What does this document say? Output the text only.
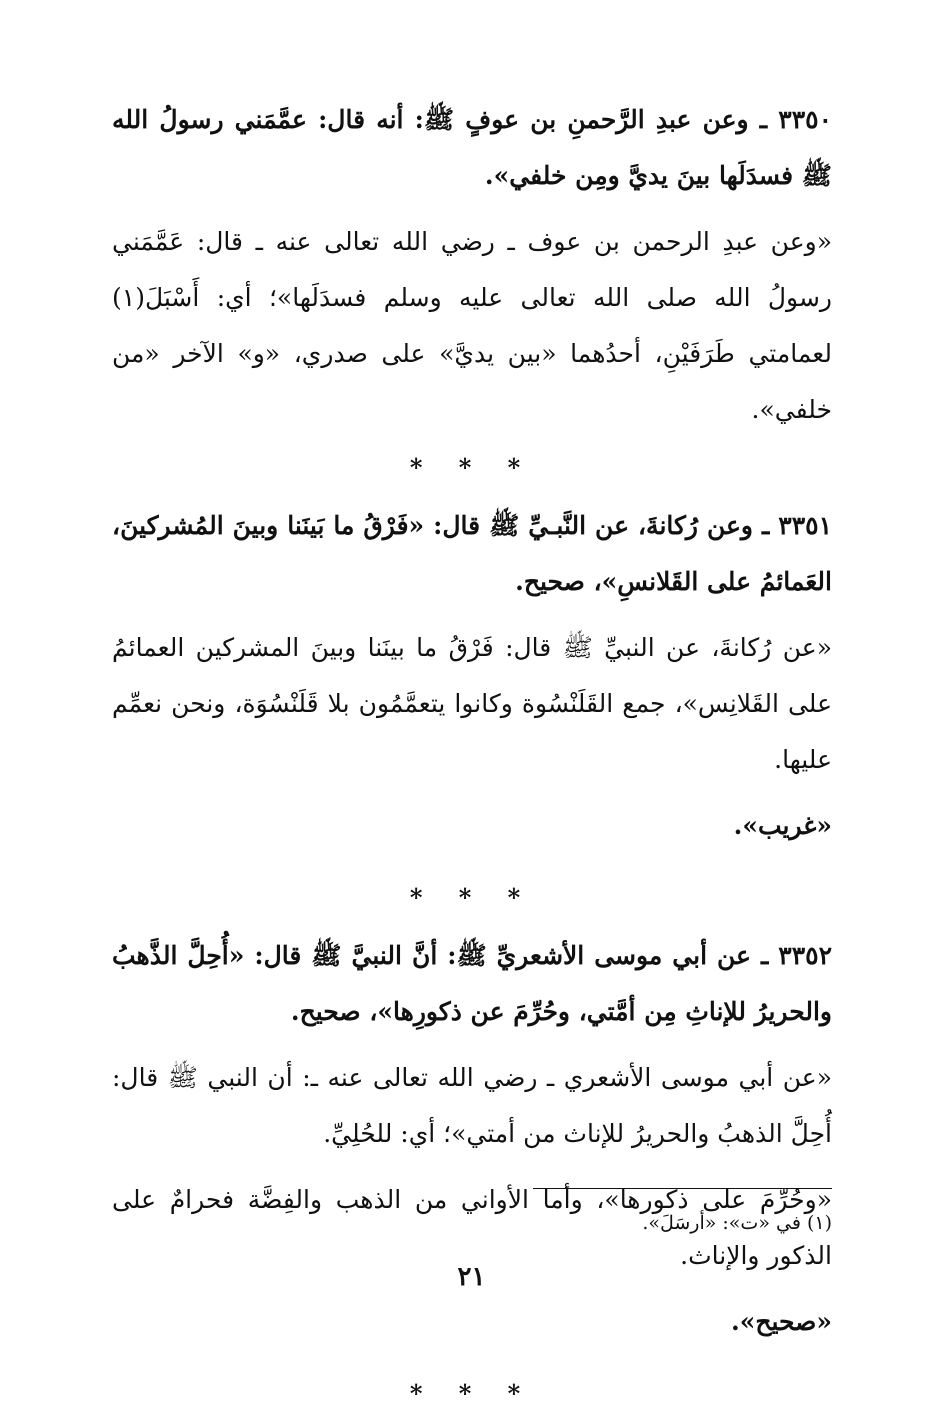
٣٣٥٠ ـ وعن عبدِ الرَّحمنِ بن عوفٍ ﷺ: أنه قال: عمَّمَني رسولُ الله ﷺ فسدَلَها بينَ يديَّ ومِن خلفي».

«وعن عبدِ الرحمن بن عوف ـ رضي الله تعالى عنه ـ قال: عَمَّمَني رسولُ الله صلى الله تعالى عليه وسلم فسدَلَها»؛ أي: أَسْبَلَ(١) لعمامتي طَرَفَيْنِ، أحدُهما «بين يديَّ» على صدري، «و» الآخر «من خلفي».

* * *

٣٣٥١ ـ وعن رُكانةَ، عن النَّبـيِّ ﷺ قال: «فَرْقُ ما بَينَنا وبينَ المُشركينَ، العَمائمُ على القَلانسِ»، صحيح.

«عن رُكانةَ، عن النبيِّ ﷺ قال: فَرْقُ ما بينَنا وبينَ المشركين العمائمُ على القَلانِس»، جمع القَلَنْسُوة وكانوا يتعمَّمُون بلا قَلَنْسُوَة، ونحن نعمِّم عليها.

«غريب».

* * *

٣٣٥٢ ـ عن أبي موسى الأشعريِّ ﷺ: أنَّ النبيَّ ﷺ قال: «أُحِلَّ الذَّهبُ والحريرُ للإناثِ مِن أمَّتي، وحُرِّمَ عن ذكورِها»، صحيح.

«عن أبي موسى الأشعري ـ رضي الله تعالى عنه ـ: أن النبي ﷺ قال: أُحِلَّ الذهبُ والحريرُ للإناث من أمتي»؛ أي: للحُلِيِّ.

«وحُرِّمَ على ذكورها»، وأما الأواني من الذهب والفِضَّة فحرامٌ على الذكور والإناث.

«صحيح».

* * *
(١) في «ت»: «أرسَلَ».
٢١
